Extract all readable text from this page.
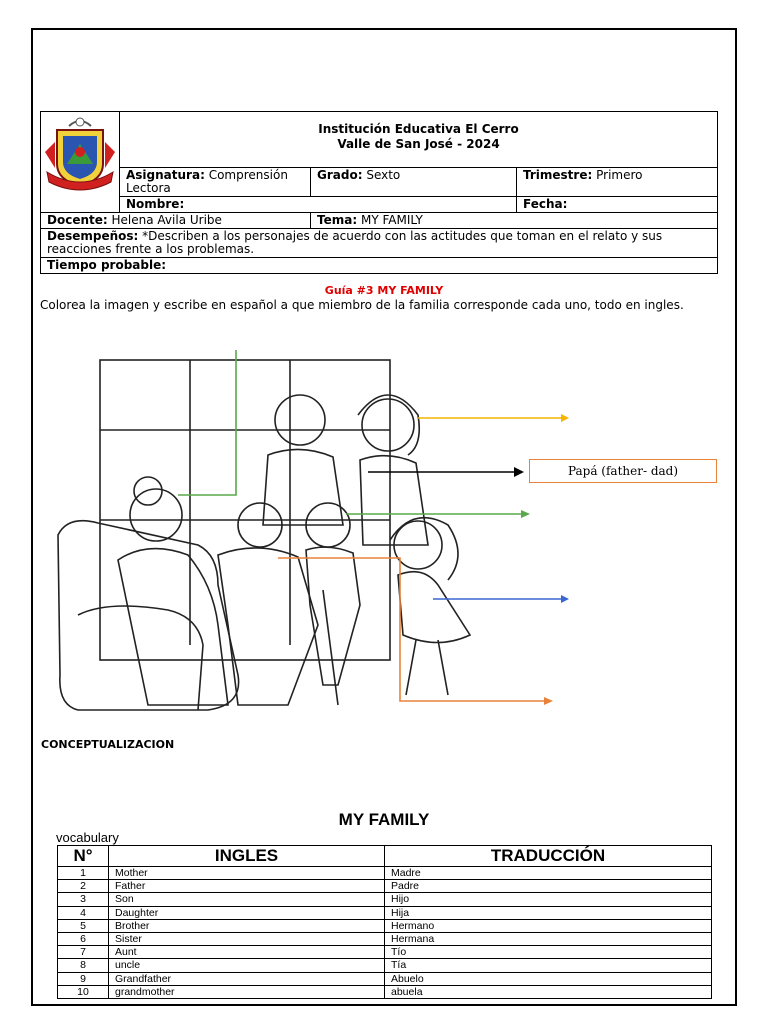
Institución Educativa El Cerro
Valle de San José - 2024		

	Asignatura: Comprensión Lectora	Grado: Sexto	Trimestre: Primero
	Nombre:		Fecha:
Docente: Helena Avila Uribe		Tema: MY FAMILY	
Desempeños: *Describen a los personajes de acuerdo con las actitudes que toman en el relato y sus reacciones frente a los problemas.			
Tiempo probable:			
Guía #3 MY FAMILY
Colorea la imagen y escribe en español a que miembro de la familia corresponde cada uno, todo en ingles.
Papá (father- dad)
CONCEPTUALIZACION
MY FAMILY
vocabulary
N°	INGLES	TRADUCCIÓN
1	Mother	Madre
2	Father	Padre
3	Son	Hijo
4	Daughter	Hija
5	Brother	Hermano
6	Sister	Hermana
7	Aunt	Tío
8	uncle	Tía
9	Grandfather	Abuelo
10	grandmother	abuela
